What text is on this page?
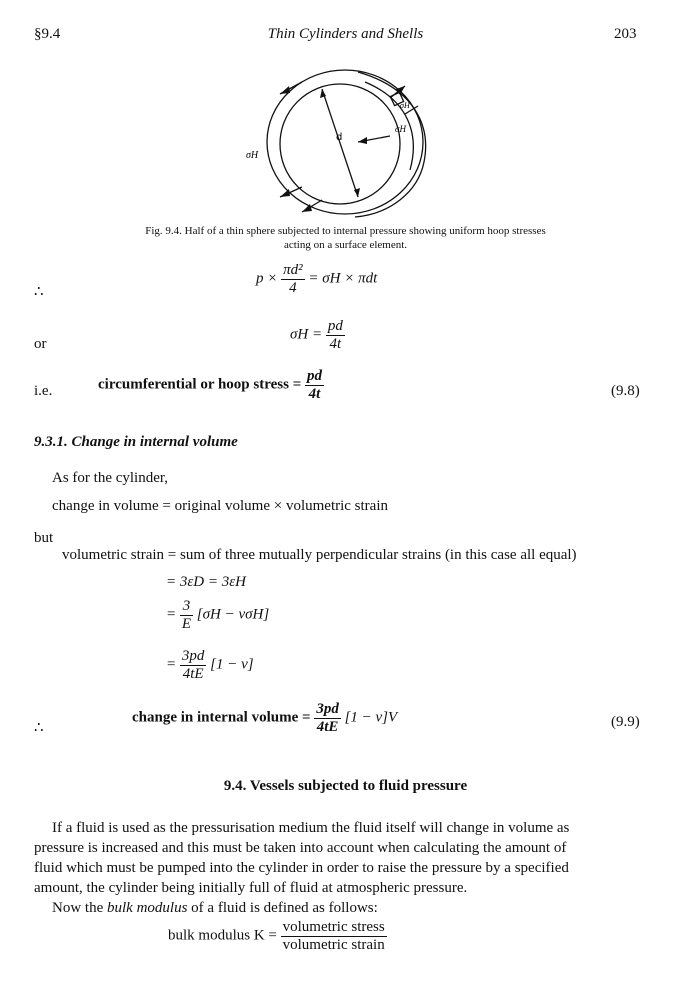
§9.4	Thin Cylinders and Shells	203
d
σH
σH
σH
Fig. 9.4. Half of a thin sphere subjected to internal pressure showing uniform hoop stresses
acting on a surface element.
∴
$p \times \frac{\text{πd²}}{4} = \sigma H \times \pi dt$
or
$\sigma H = \frac{pd}{4t}$
i.e.	circumferential or hoop stress = $\frac{pd}{4t}$	(9.8)
9.3.1. Change in internal volume
As for the cylinder,
change in volume = original volume × volumetric strain
but
volumetric strain = sum of three mutually perpendicular strains (in this case all equal)
= 3εD = 3εH
= $\frac{3}{E} [\sigma H - \nu\sigma H]$
= $\frac{3pd}{4tE} [1 - \nu]$
∴
change in internal volume = $\frac{3pd}{4tE} [1 - \nu]V$	(9.9)
9.4. Vessels subjected to fluid pressure
If a fluid is used as the pressurisation medium the fluid itself will change in volume as
pressure is increased and this must be taken into account when calculating the amount of
fluid which must be pumped into the cylinder in order to raise the pressure by a specified
amount, the cylinder being initially full of fluid at atmospheric pressure.
Now the bulk modulus of a fluid is defined as follows:
bulk modulus $K = \frac{\text{volumetric stress}}{\text{volumetric strain}}$
